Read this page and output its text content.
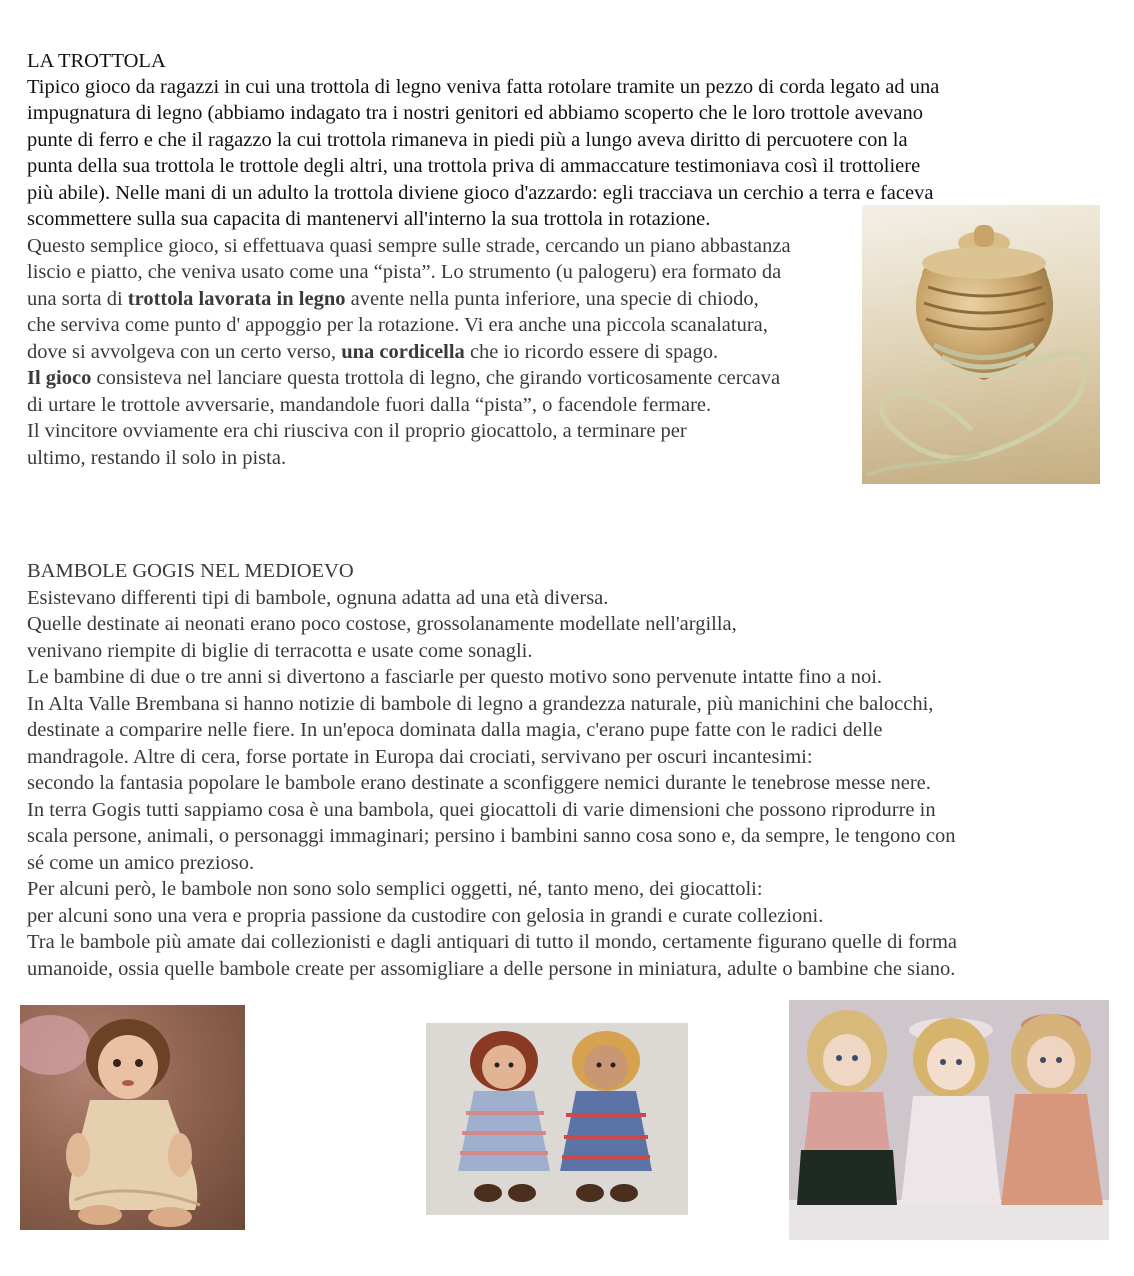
LA TROTTOLA
Tipico gioco da ragazzi in cui una trottola di legno veniva fatta rotolare tramite un pezzo di corda legato ad una
impugnatura di legno (abbiamo indagato tra i nostri genitori ed abbiamo scoperto che le loro trottole avevano
punte di ferro e che il ragazzo la cui trottola rimaneva in piedi più a lungo aveva diritto di percuotere con la
punta della sua trottola le trottole degli altri, una trottola priva di ammaccature testimoniava così il trottoliere
più abile). Nelle mani di un adulto la trottola diviene gioco d'azzardo: egli tracciava un cerchio a terra e faceva
scommettere sulla sua capacita di mantenervi all'interno la sua trottola in rotazione.
Questo semplice gioco, si effettuava quasi sempre sulle strade, cercando un piano abbastanza
liscio e piatto, che veniva usato come una “pista”. Lo strumento (u palogeru) era formato da
una sorta di trottola lavorata in legno avente nella punta inferiore, una specie di chiodo,
che serviva come punto d' appoggio per la rotazione. Vi era anche una piccola scanalatura,
dove si avvolgeva con un certo verso, una cordicella che io ricordo essere di spago.
Il gioco consisteva nel lanciare questa trottola di legno, che girando vorticosamente cercava
di urtare le trottole avversarie, mandandole fuori dalla “pista”, o facendole fermare.
Il vincitore ovviamente era chi riusciva con il proprio giocattolo, a terminare per
ultimo, restando il solo in pista.
BAMBOLE GOGIS NEL MEDIOEVO
Esistevano differenti tipi di bambole, ognuna adatta ad una età diversa.
Quelle destinate ai neonati erano poco costose, grossolanamente modellate nell'argilla,
venivano riempite di biglie di terracotta e usate come sonagli.
Le bambine di due o tre anni si divertono a fasciarle per questo motivo sono pervenute intatte fino a noi.
In Alta Valle Brembana si hanno notizie di bambole di legno a grandezza naturale, più manichini che balocchi,
destinate a comparire nelle fiere. In un'epoca dominata dalla magia, c'erano pupe fatte con le radici delle
mandragole. Altre di cera, forse portate in Europa dai crociati, servivano per oscuri incantesimi:
secondo la fantasia popolare le bambole erano destinate a sconfiggere nemici durante le tenebrose messe nere.
In terra Gogis tutti sappiamo cosa è una bambola, quei giocattoli di varie dimensioni che possono riprodurre in
scala persone, animali, o personaggi immaginari; persino i bambini sanno cosa sono e, da sempre, le tengono con
sé come un amico prezioso.
Per alcuni però, le bambole non sono solo semplici oggetti, né, tanto meno, dei giocattoli:
per alcuni sono una vera e propria passione da custodire con gelosia in grandi e curate collezioni.
Tra le bambole più amate dai collezionisti e dagli antiquari di tutto il mondo, certamente figurano quelle di forma
umanoide, ossia quelle bambole create per assomigliare a delle persone in miniatura, adulte o bambine che siano.
